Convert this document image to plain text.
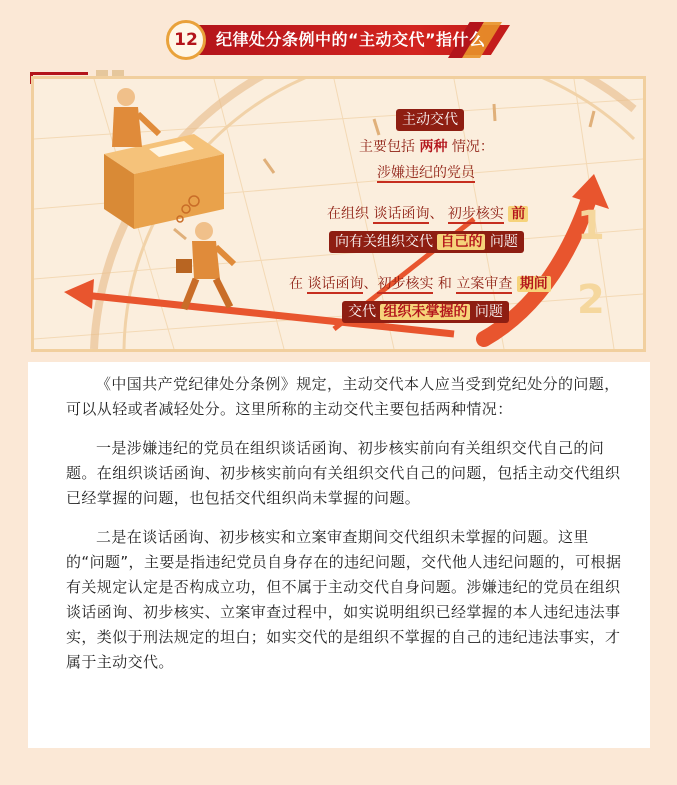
12	纪律处分条例中的“主动交代”指什么
主动交代
主要包括 两种 情况：
涉嫌违纪的党员
在组织 谈话函询、 初步核实 前
向有关组织交代 自己的 问题 1
在 谈话函询、初步核实 和 立案审查 期间
交代 组织未掌握的 问题 2

《中国共产党纪律处分条例》规定，主动交代本人应当受到党纪处分的问题，可以从轻或者减轻处分。这里所称的主动交代主要包括两种情况：

一是涉嫌违纪的党员在组织谈话函询、初步核实前向有关组织交代自己的问题。在组织谈话函询、初步核实前向有关组织交代自己的问题，包括主动交代组织已经掌握的问题，也包括交代组织尚未掌握的问题。

二是在谈话函询、初步核实和立案审查期间交代组织未掌握的问题。这里的“问题”，主要是指违纪党员自身存在的违纪问题，交代他人违纪问题的，可根据有关规定认定是否构成立功，但不属于主动交代自身问题。涉嫌违纪的党员在组织谈话函询、初步核实、立案审查过程中，如实说明组织已经掌握的本人违纪违法事实，类似于刑法规定的坦白；如实交代的是组织不掌握的自己的违纪违法事实，才属于主动交代。
